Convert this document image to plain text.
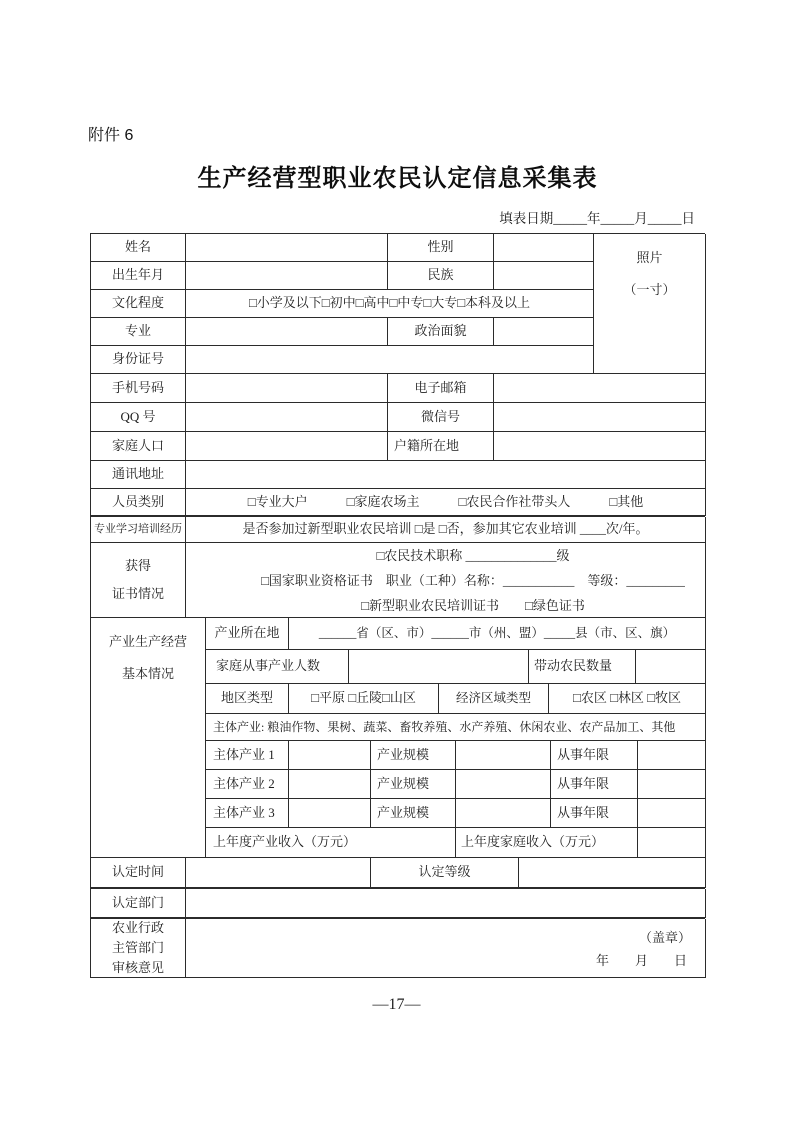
附件 6
生产经营型职业农民认定信息采集表
填表日期_____年_____月_____日
姓名	性别
出生年月	民族
文化程度	□小学及以下□初中□高中□中专□大专□本科及以上
专业	政治面貌
身份证号
照片
（一寸）
手机号码	电子邮箱
QQ 号	微信号
家庭人口	户籍所在地
通讯地址
人员类别	□专业大户　　　□家庭农场主　　　□农民合作社带头人　　　□其他
专业学习培训经历	是否参加过新型职业农民培训 □是 □否，参加其它农业培训 ____次/年。
获得
证书情况
□农民技术职称 ______________级
□国家职业资格证书　职业（工种）名称：___________　等级：_________
□新型职业农民培训证书　　□绿色证书
产业生产经营
基本情况
产业所在地	______省（区、市）______市（州、盟）_____县（市、区、旗）
家庭从事产业人数	带动农民数量
地区类型	□平原 □丘陵□山区	经济区域类型	□农区 □林区 □牧区
主体产业: 粮油作物、果树、蔬菜、畜牧养殖、水产养殖、休闲农业、农产品加工、其他
主体产业 1	产业规模	从事年限
主体产业 2	产业规模	从事年限
主体产业 3	产业规模	从事年限
上年度产业收入（万元）	上年度家庭收入（万元）
认定时间	认定等级
认定部门
农业行政
主管部门
审核意见
（盖章）
年　　月　　日
—17—
